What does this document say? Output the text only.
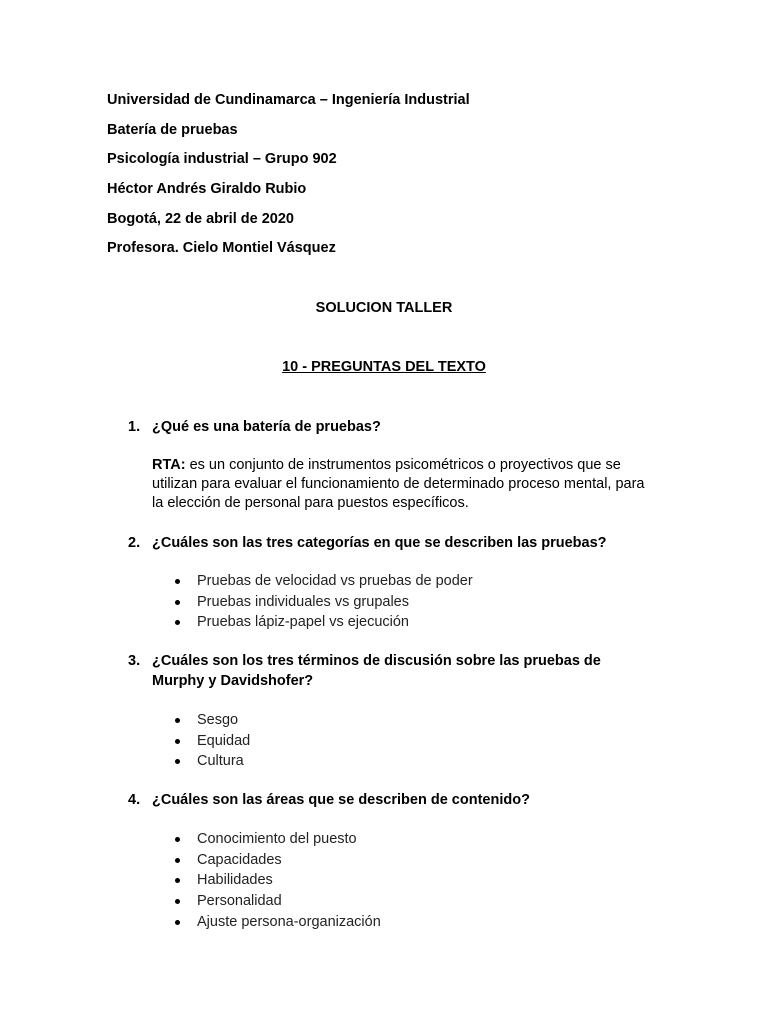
Universidad de Cundinamarca – Ingeniería Industrial
Batería de pruebas
Psicología industrial – Grupo 902
Héctor Andrés Giraldo Rubio
Bogotá, 22 de abril de 2020
Profesora. Cielo Montiel Vásquez
SOLUCION TALLER
10 - PREGUNTAS DEL TEXTO
1. ¿Qué es una batería de pruebas?
RTA: es un conjunto de instrumentos psicométricos o proyectivos que se utilizan para evaluar el funcionamiento de determinado proceso mental, para la elección de personal para puestos específicos.
2. ¿Cuáles son las tres categorías en que se describen las pruebas?
Pruebas de velocidad vs pruebas de poder
Pruebas individuales vs grupales
Pruebas lápiz-papel vs ejecución
3. ¿Cuáles son los tres términos de discusión sobre las pruebas de Murphy y Davidshofer?
Sesgo
Equidad
Cultura
4. ¿Cuáles son las áreas que se describen de contenido?
Conocimiento del puesto
Capacidades
Habilidades
Personalidad
Ajuste persona-organización
